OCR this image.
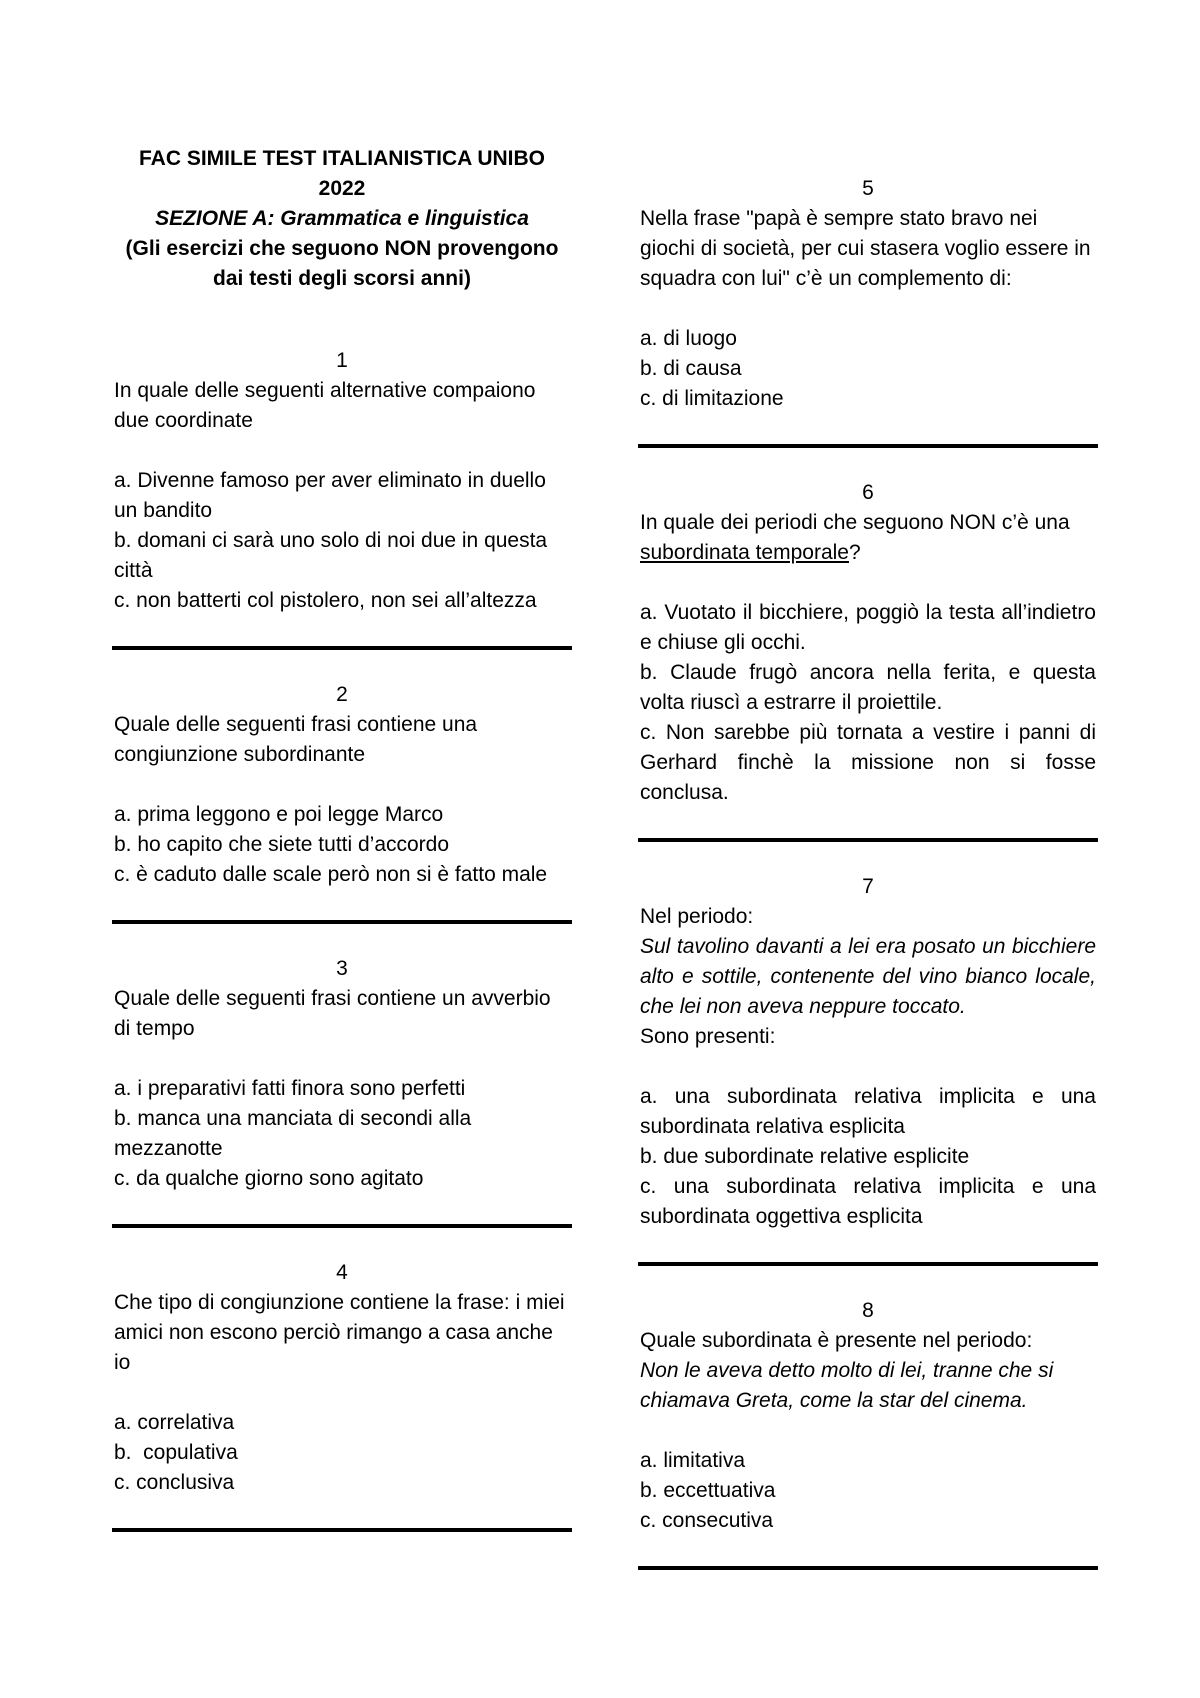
FAC SIMILE TEST ITALIANISTICA UNIBO 2022
SEZIONE A: Grammatica e linguistica
(Gli esercizi che seguono NON provengono dai testi degli scorsi anni)
1
In quale delle seguenti alternative compaiono due coordinate
a. Divenne famoso per aver eliminato in duello un bandito
b. domani ci sarà uno solo di noi due in questa città
c. non batterti col pistolero, non sei all’altezza
2
Quale delle seguenti frasi contiene una congiunzione subordinante
a. prima leggono e poi legge Marco
b. ho capito che siete tutti d’accordo
c. è caduto dalle scale però non si è fatto male
3
Quale delle seguenti frasi contiene un avverbio di tempo
a. i preparativi fatti finora sono perfetti
b. manca una manciata di secondi alla mezzanotte
c. da qualche giorno sono agitato
4
Che tipo di congiunzione contiene la frase: i miei amici non escono perciò rimango a casa anche io
a. correlativa
b.  copulativa
c. conclusiva
5
Nella frase "papà è sempre stato bravo nei giochi di società, per cui stasera voglio essere in squadra con lui" c’è un complemento di:
a. di luogo
b. di causa
c. di limitazione
6
In quale dei periodi che seguono NON c’è una subordinata temporale?
a. Vuotato il bicchiere, poggiò la testa all’indietro e chiuse gli occhi.
b. Claude frugò ancora nella ferita, e questa volta riuscì a estrarre il proiettile.
c. Non sarebbe più tornata a vestire i panni di Gerhard finchè la missione non si fosse conclusa.
7
Nel periodo:
Sul tavolino davanti a lei era posato un bicchiere alto e sottile, contenente del vino bianco locale, che lei non aveva neppure toccato.
Sono presenti:
a. una subordinata relativa implicita e una subordinata relativa esplicita
b. due subordinate relative esplicite
c. una subordinata relativa implicita e una subordinata oggettiva esplicita
8
Quale subordinata è presente nel periodo:
Non le aveva detto molto di lei, tranne che si chiamava Greta, come la star del cinema.
a. limitativa
b. eccettuativa
c. consecutiva
